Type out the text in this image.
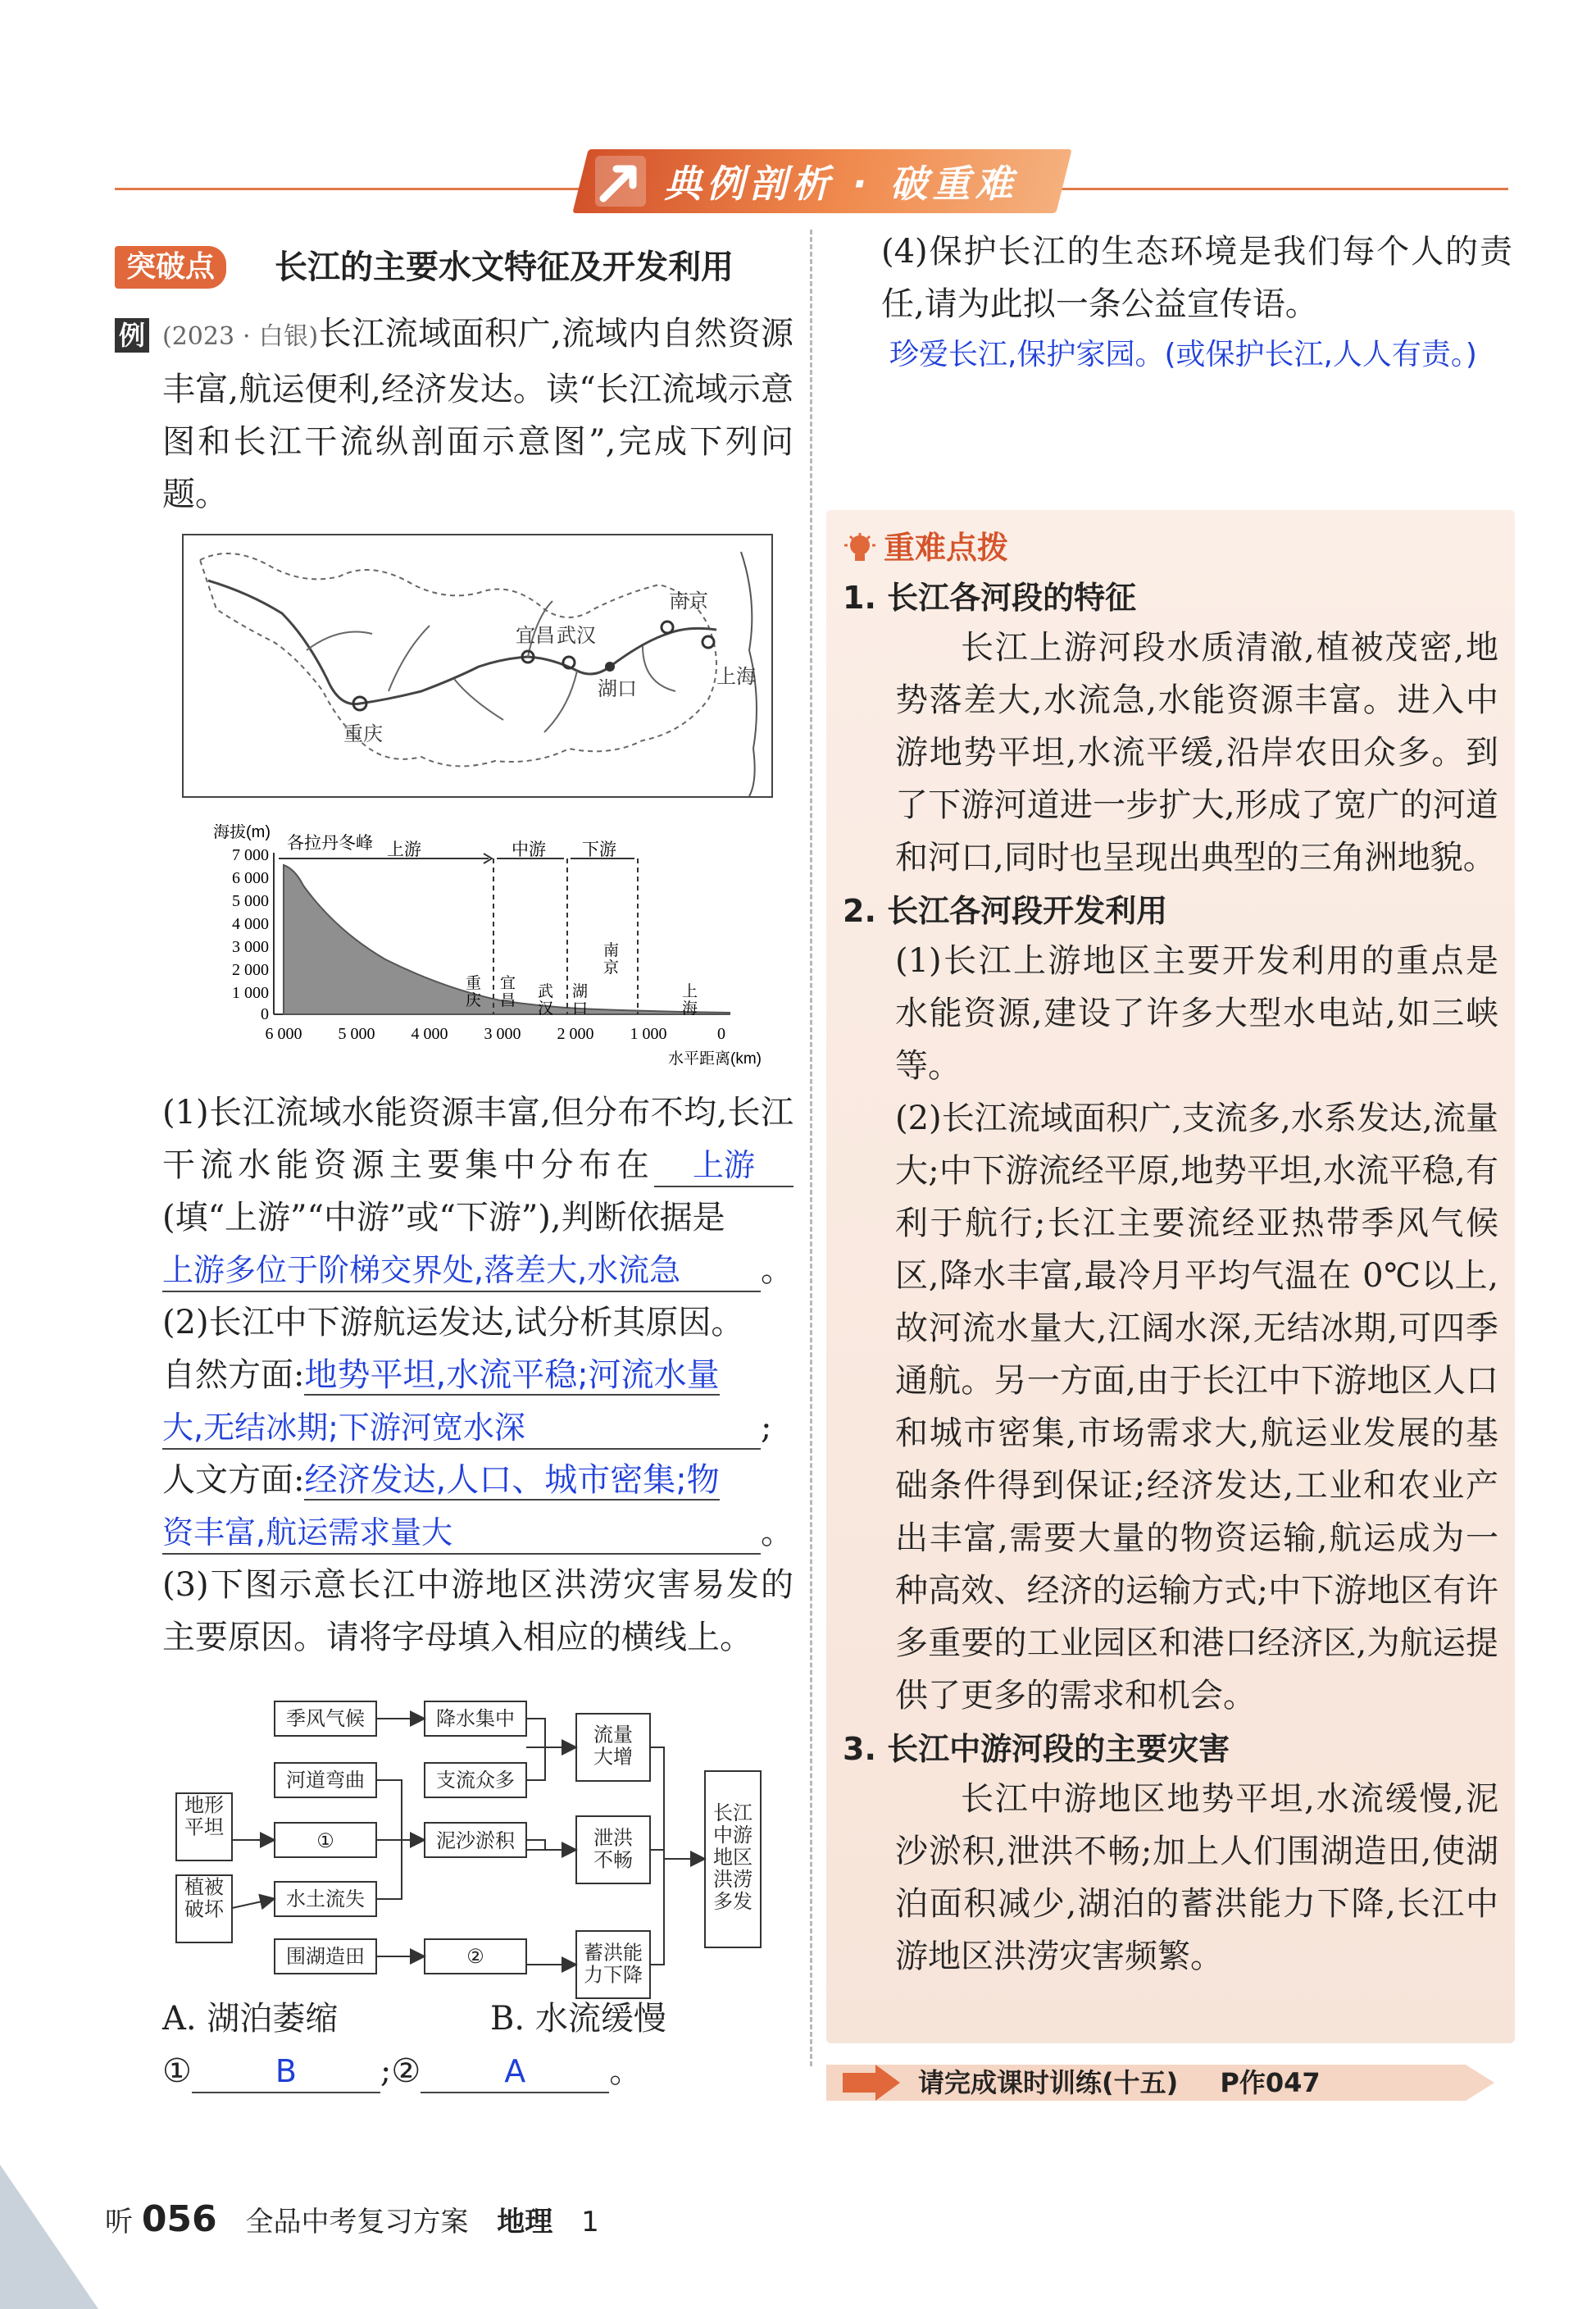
典例剖析 · 破重难
突破点	长江的主要水文特征及开发利用
例 (2023 · 白银)长江流域面积广,流域内自然资源丰富,航运便利,经济发达。读“长江流域示意图和长江干流纵剖面示意图”,完成下列问题。

南京
宜昌 武汉
湖口
重庆
上海
海拔(m)
7 000
6 000
5 000
4 000
3 000
2 000
1 000
0
6 000 5 000 4 000 3 000 2 000 1 000	0
水平距离(km)
各拉丹冬峰 上游	中游 下游
重庆
宜昌
武汉
湖口
南京
上海

(1)长江流域水能资源丰富,但分布不均,长江干流水能资源主要集中分布在 上游(填“上游”“中游”或“下游”),判断依据是

上游多位于阶梯交界处,落差大,水流急 。

(2)长江中下游航运发达,试分析其原因。

自然方面:地势平坦,水流平稳;河流水量

大,无结冰期;下游河宽水深	;

人文方面:经济发达,人口、城市密集;物

资丰富,航运需求量大	。

(3)下图示意长江中游地区洪涝灾害易发的主要原因。请将字母填入相应的横线上。

地形平坦
植被破坏
季风气候
河道弯曲
①
水土流失
围湖造田
降水集中
支流众多
泥沙淤积
②
流量大增
泄洪不畅
蓄洪能力下降
长江中游地区洪涝多发
A. 湖泊萎缩	B. 水流缓慢
①	B	;②	A	。

(4)保护长江的生态环境是我们每个人的责任,请为此拟一条公益宣传语。

珍爱长江,保护家园。(或保护长江,人人有责。)
重难点拨
1. 长江各河段的特征

长江上游河段水质清澈,植被茂密,地势落差大,水流急,水能资源丰富。进入中游地势平坦,水流平缓,沿岸农田众多。到了下游河道进一步扩大,形成了宽广的河道和河口,同时也呈现出典型的三角洲地貌。

2. 长江各河段开发利用

(1)长江上游地区主要开发利用的重点是水能资源,建设了许多大型水电站,如三峡等。

(2)长江流域面积广,支流多,水系发达,流量大;中下游流经平原,地势平坦,水流平稳,有利于航行;长江主要流经亚热带季风气候区,降水丰富,最冷月平均气温在 0℃以上,故河流水量大,江阔水深,无结冰期,可四季通航。另一方面,由于长江中下游地区人口和城市密集,市场需求大,航运业发展的基础条件得到保证;经济发达,工业和农业产出丰富,需要大量的物资运输,航运成为一种高效、经济的运输方式;中下游地区有许多重要的工业园区和港口经济区,为航运提供了更多的需求和机会。

3. 长江中游河段的主要灾害

长江中游地区地势平坦,水流缓慢,泥沙淤积,泄洪不畅;加上人们围湖造田,使湖泊面积减少,湖泊的蓄洪能力下降,长江中游地区洪涝灾害频繁。

请完成课时训练(十五) P作047
听 056 全品中考复习方案 地理 1
